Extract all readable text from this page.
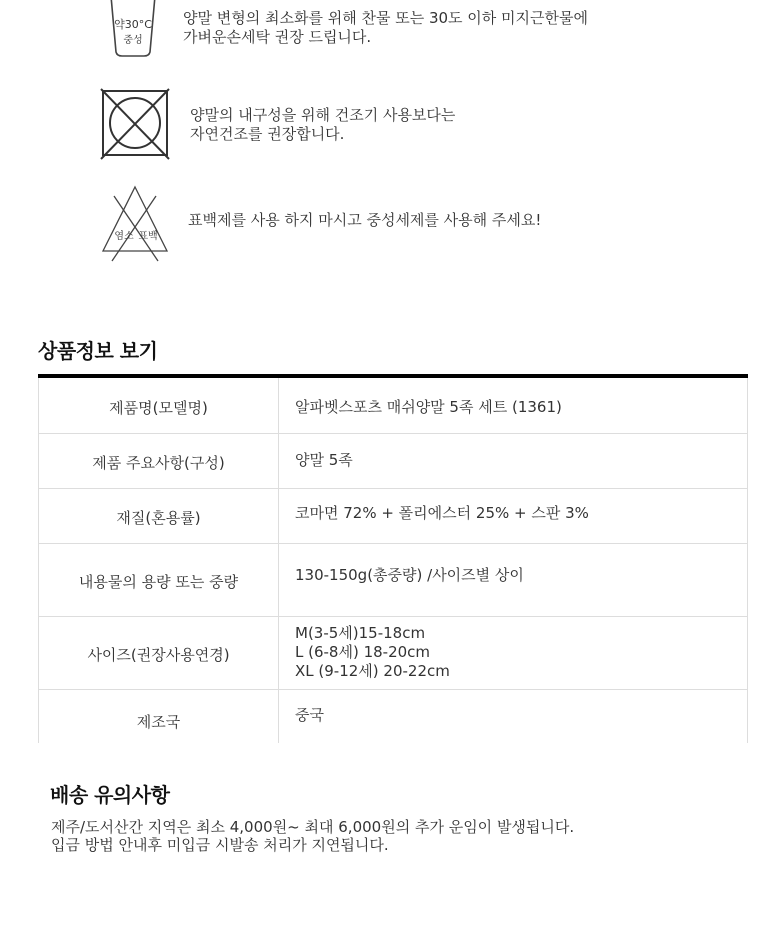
약30°C
중성
양말 변형의 최소화를 위해 찬물 또는 30도 이하 미지근한물에
가벼운손세탁 권장 드립니다.
양말의 내구성을 위해 건조기 사용보다는
자연건조를 권장합니다.
염소 표백
표백제를 사용 하지 마시고 중성세제를 사용해 주세요!
상품정보 보기
제품명(모델명)	알파벳스포츠 매쉬양말 5족 세트 (1361)
제품 주요사항(구성)	양말 5족
재질(혼용률)	코마면 72% + 폴리에스터 25% + 스판 3%
내용물의 용량 또는 중량	130-150g(총중량) /사이즈별 상이
사이즈(권장사용연경)	M(3-5세)15-18cm
L (6-8세) 18-20cm
XL (9-12세) 20-22cm

제조국	중국
배송 유의사항
제주/도서산간 지역은 최소 4,000원~ 최대 6,000원의 추가 운임이 발생됩니다.
입금 방법 안내후 미입금 시발송 처리가 지연됩니다.
